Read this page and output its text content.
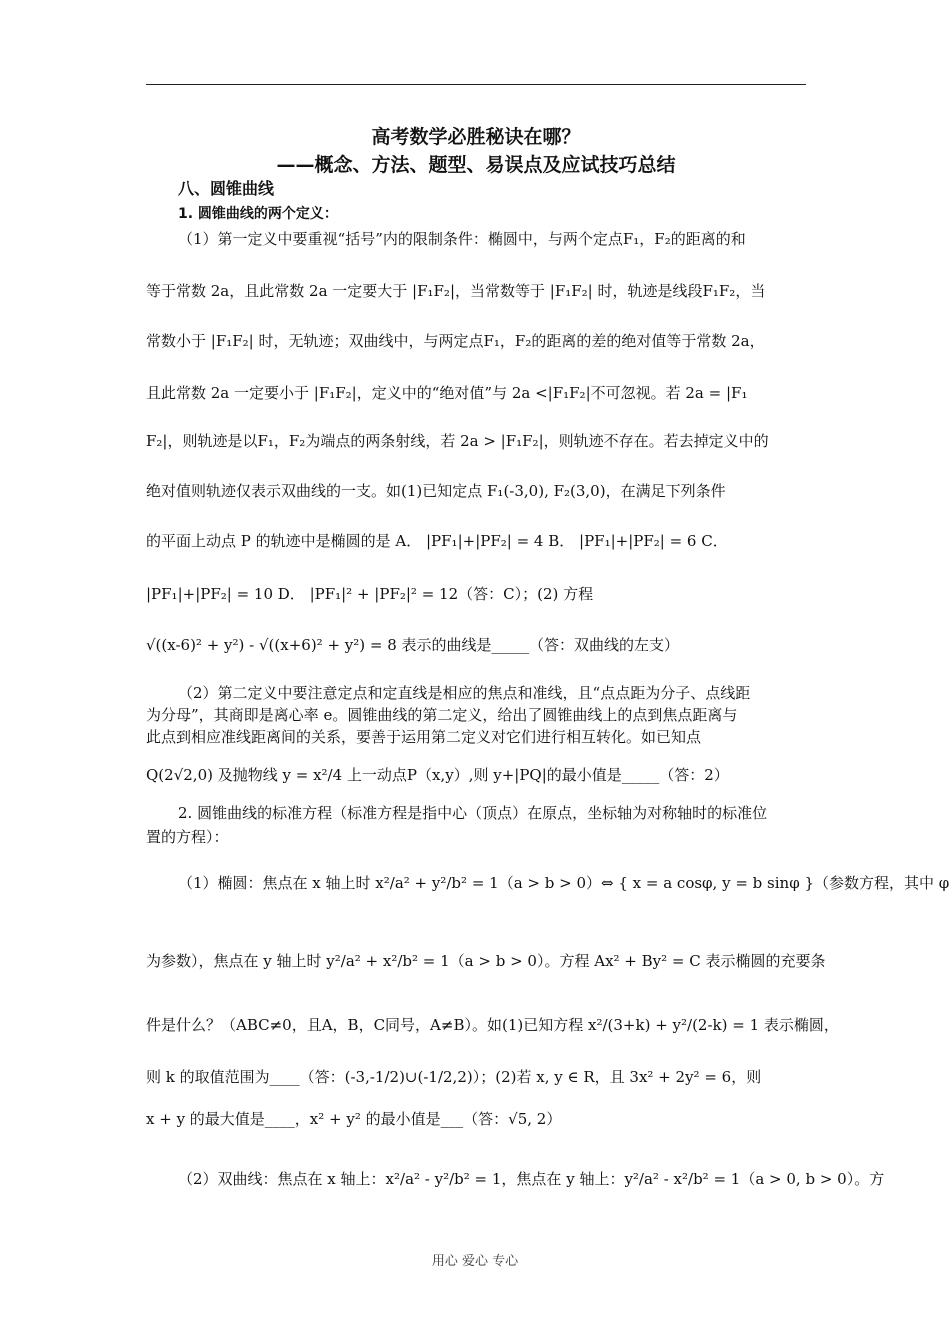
高考数学必胜秘诀在哪？
——概念、方法、题型、易误点及应试技巧总结
八、圆锥曲线
1. 圆锥曲线的两个定义：
（1）第一定义中要重视“括号”内的限制条件：椭圆中，与两个定点F₁，F₂的距离的和
等于常数 2a，且此常数 2a 一定要大于 |F₁F₂|，当常数等于 |F₁F₂| 时，轨迹是线段F₁F₂，当
常数小于 |F₁F₂| 时，无轨迹；双曲线中，与两定点F₁，F₂的距离的差的绝对值等于常数 2a，
且此常数 2a 一定要小于 |F₁F₂|，定义中的“绝对值”与 2a <|F₁F₂|不可忽视。若 2a = |F₁
F₂|，则轨迹是以F₁，F₂为端点的两条射线，若 2a > |F₁F₂|，则轨迹不存在。若去掉定义中的
绝对值则轨迹仅表示双曲线的一支。如(1)已知定点 F₁(-3,0), F₂(3,0)，在满足下列条件
的平面上动点 P 的轨迹中是椭圆的是 A． |PF₁|+|PF₂| = 4 B． |PF₁|+|PF₂| = 6 C．
|PF₁|+|PF₂| = 10 D． |PF₁|² + |PF₂|² = 12（答：C）；(2) 方程
√((x-6)² + y²) - √((x+6)² + y²) = 8 表示的曲线是_____（答：双曲线的左支）
（2）第二定义中要注意定点和定直线是相应的焦点和准线，且“点点距为分子、点线距
为分母”，其商即是离心率 e。圆锥曲线的第二定义，给出了圆锥曲线上的点到焦点距离与
此点到相应准线距离间的关系，要善于运用第二定义对它们进行相互转化。如已知点
Q(2√2,0) 及抛物线 y = x²/4 上一动点P（x,y）,则 y+|PQ|的最小值是_____（答：2）
2. 圆锥曲线的标准方程（标准方程是指中心（顶点）在原点，坐标轴为对称轴时的标准位
置的方程）：
（1）椭圆：焦点在 x 轴上时 x²/a² + y²/b² = 1（a > b > 0）⇔ { x = a cosφ, y = b sinφ }（参数方程，其中 φ
为参数），焦点在 y 轴上时 y²/a² + x²/b² = 1（a > b > 0）。方程 Ax² + By² = C 表示椭圆的充要条
件是什么？（ABC≠0，且A，B，C同号，A≠B）。如(1)已知方程 x²/(3+k) + y²/(2-k) = 1 表示椭圆，
则 k 的取值范围为____（答：(-3,-1/2)∪(-1/2,2)）；(2)若 x, y ∈ R，且 3x² + 2y² = 6，则
x + y 的最大值是____，x² + y² 的最小值是___（答：√5, 2）
（2）双曲线：焦点在 x 轴上：x²/a² - y²/b² = 1，焦点在 y 轴上：y²/a² - x²/b² = 1（a > 0, b > 0）。方
用心 爱心 专心
